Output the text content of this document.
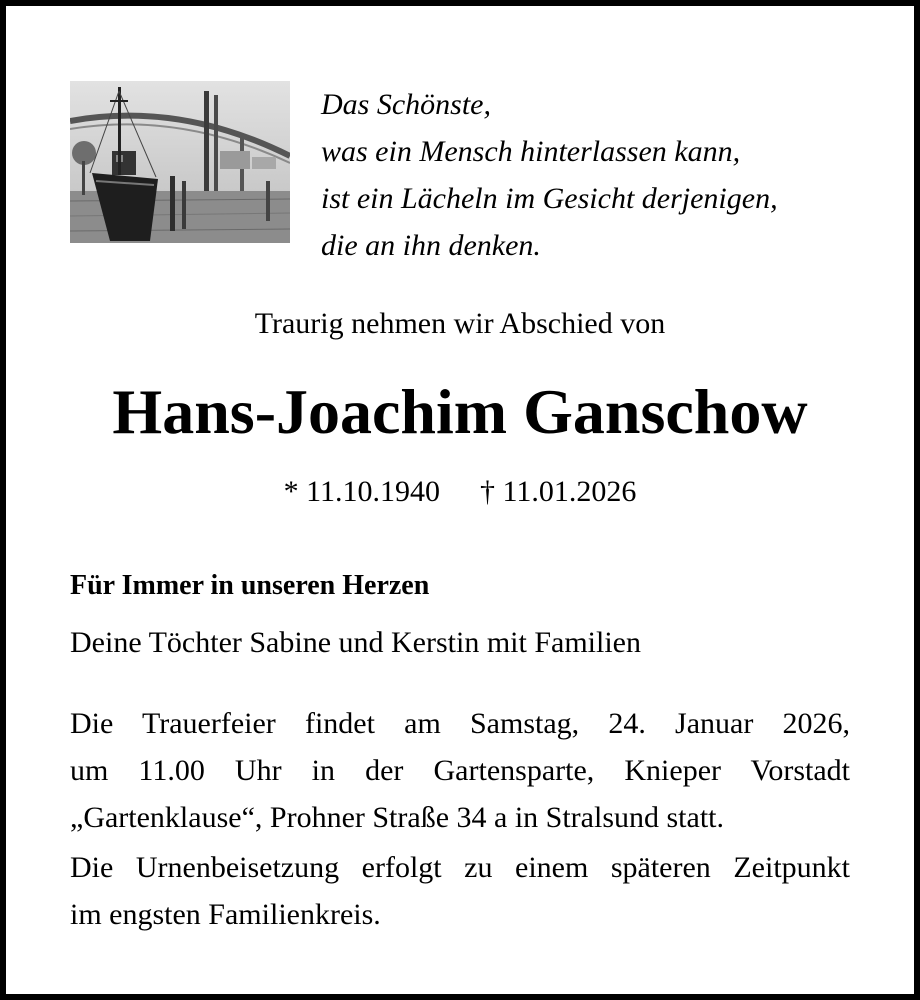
Das Schönste,
was ein Mensch hinterlassen kann,
ist ein Lächeln im Gesicht derjenigen,
die an ihn denken.
Traurig nehmen wir Abschied von
Hans-Joachim Ganschow
* 11.10.1940 † 11.01.2026
Für Immer in unseren Herzen
Deine Töchter Sabine und Kerstin mit Familien
Die Trauerfeier findet am Samstag, 24. Januar 2026,
um 11.00 Uhr in der Gartensparte, Knieper Vorstadt
„Gartenklause“, Prohner Straße 34 a in Stralsund statt.
Die Urnenbeisetzung erfolgt zu einem späteren Zeitpunkt
im engsten Familienkreis.
